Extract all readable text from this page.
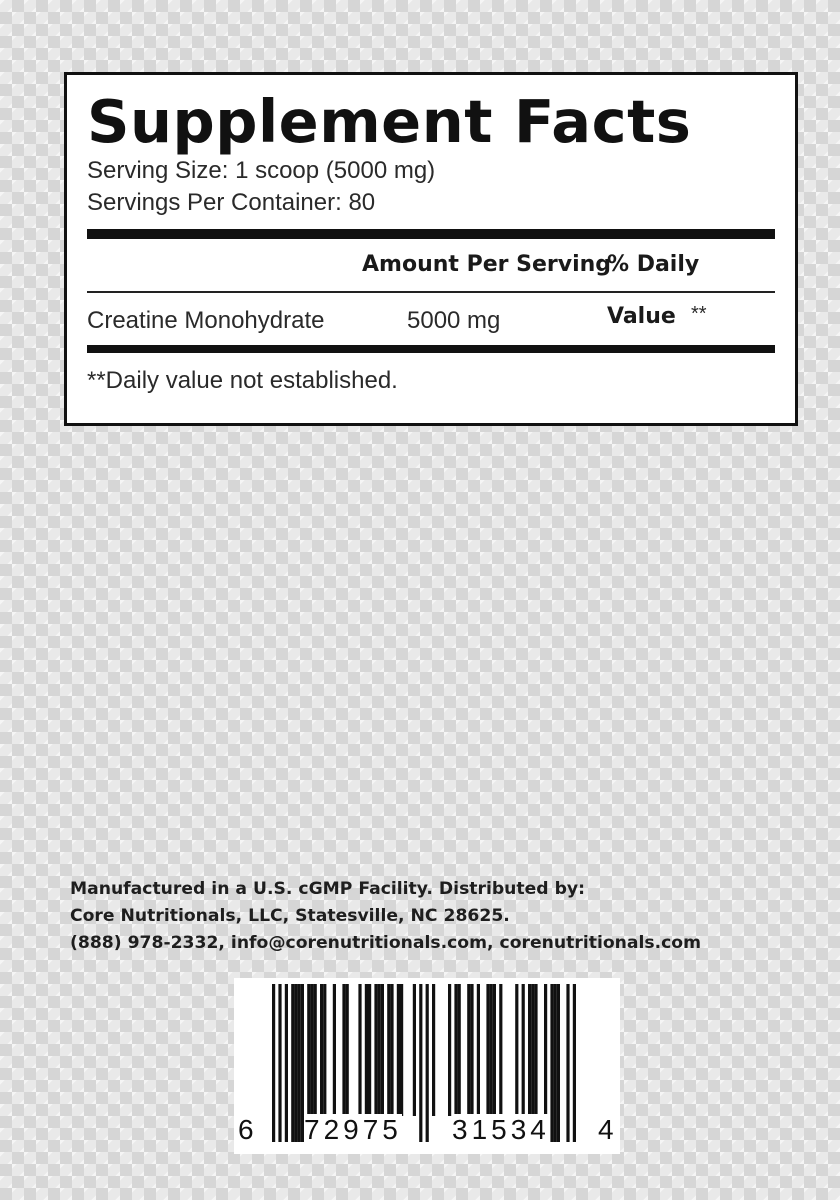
Supplement Facts
Serving Size: 1 scoop (5000 mg)
Servings Per Container: 80
Amount Per Serving
% Daily Value
Creatine Monohydrate	5000 mg	**
**Daily value not established.
Manufactured in a U.S. cGMP Facility. Distributed by:
Core Nutritionals, LLC, Statesville, NC 28625.
(888) 978-2332, info@corenutritionals.com, corenutritionals.com
6 72975 31534 4
